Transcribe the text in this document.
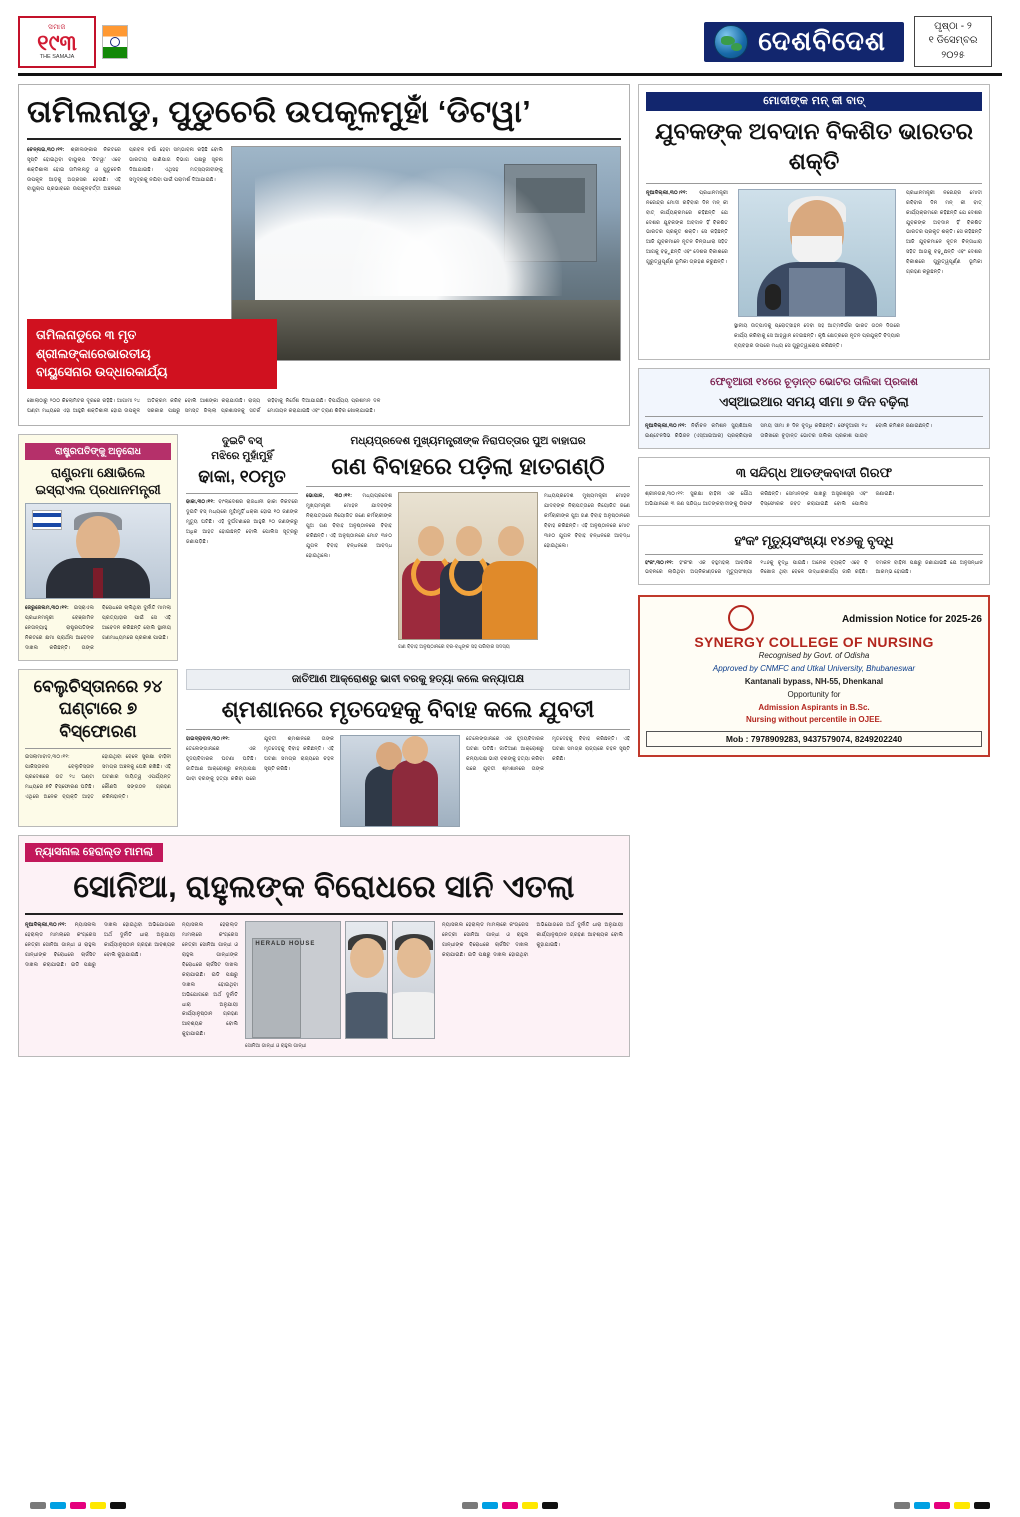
ସମାଜ
୧୯୩
THE SAMAJA
ଦେଶବିଦେଶ	ପୃଷ୍ଠା - ୨
୧ ଡିସେମ୍ବର
୨୦୨୫
ତାମିଲନାଡୁ, ପୁଡୁଚେରି ଉପକୂଳମୁହାଁ ‘ଡିଟୱା’
ଚେନ୍ନାଇ,୩୦।୧୧: ଶ୍ରୀଲଙ୍କାର ନିକଟରେ ସୃଷ୍ଟି ହୋଇଥିବା ବାୟୁଚାପ ‘ଡିଟୱା’ ଏବେ ଶକ୍ତିଶାଳୀ ହୋଇ ତାମିଲନାଡୁ ଓ ପୁଡୁଚେରି ଉପକୂଳ ଆଡ଼କୁ ଅଗ୍ରସର ହେଉଛି। ଏହି ବାୟୁଚାପ ପ୍ରଭାବରେ ଉପକୂଳବର୍ତ୍ତୀ ଅଞ୍ଚଳରେ ପ୍ରବଳ ବର୍ଷା ହେବା ସମ୍ଭାବନା ରହିଛି ବୋଲି ଭାରତୀୟ ପାଣିପାଗ ବିଭାଗ ପକ୍ଷରୁ ସୂଚନା ଦିଆଯାଇଛି। ଏଥିସହ ମତ୍ସ୍ୟଜୀବୀଙ୍କୁ ସମୁଦ୍ରକୁ ନଯିବା ପାଇଁ ପରାମର୍ଶ ଦିଆଯାଇଛି।
ତାମିଲନାଡୁରେ ୩ ମୃତ
ଶ୍ରୀଲଙ୍କାରେଭାରତୀୟ
ବାୟୁସେନାର ଉଦ୍ଧାରକାର୍ଯ୍ୟ
ଖୋଲାଠାରୁ ୨୦୦ କିଲୋମିଟର ଦୂରରେ ରହିଛି। ଆଗାମୀ ୨୪ ଘଣ୍ଟା ମଧ୍ୟରେ ଏହା ଆହୁରି ଶକ୍ତିଶାଳୀ ହୋଇ ଉପକୂଳ ଅତିକ୍ରମ କରିବ ବୋଲି ଆଶଙ୍କା କରାଯାଉଛି। ରାଜ୍ୟ ସରକାର ପକ୍ଷରୁ ସମସ୍ତ ଜିଲ୍ଲା ପ୍ରଶାସନକୁ ସତର୍କ ରହିବାକୁ ନିର୍ଦ୍ଦେଶ ଦିଆଯାଇଛି। ବିପର୍ଯ୍ୟୟ ପ୍ରଶମନ ଦଳ ମୋତାୟନ କରାଯାଇଛି ଏବଂ ତ୍ରାଣ ଶିବିର ଖୋଲାଯାଇଛି।
ରାଷ୍ଟ୍ରପତିଙ୍କୁ ଅନୁରୋଧ
ରାଣ୍ଟ୍ରମା କ୍ଷୋଭିଲେ ଇସ୍ରାଏଲ ପ୍ରଧାନମନ୍ତ୍ରୀ
ଜେରୁଜେଲମ,୩୦।୧୧: ଇସ୍ରାଏଲ ପ୍ରଧାନମନ୍ତ୍ରୀ ବେଞ୍ଜାମିନ ନେତାନ୍ୟାହୁ ରାଷ୍ଟ୍ରପତିଙ୍କ ନିକଟରେ କ୍ଷମା ପ୍ରାର୍ଥନା ଆବେଦନ ଦାଖଲ କରିଛନ୍ତି। ତାଙ୍କ ବିରୋଧରେ ଚାଲିଥିବା ଦୁର୍ନୀତି ମାମଲା ପ୍ରତ୍ୟାହାର ପାଇଁ ସେ ଏହି ଆବେଦନ କରିଛନ୍ତି ବୋଲି ସ୍ଥାନୀୟ ଗଣମାଧ୍ୟମରେ ପ୍ରକାଶ ପାଇଛି।
ଦୁଇଟି ବସ୍‌
ମଝିରେ ମୁହାଁମୁହିଁ
ଢାକା, ୧୦ମୃତ
ଢାକା,୩୦।୧୧: ବାଂଲାଦେଶର ରାଜଧାନୀ ଢାକା ନିକଟରେ ଦୁଇଟି ବସ୍‌ ମଧ୍ୟରେ ମୁହାଁମୁହିଁ ଧକ୍କା ହୋଇ ୧୦ ଜଣଙ୍କ ମୃତ୍ୟୁ ଘଟିଛି। ଏହି ଦୁର୍ଘଟଣାରେ ଆହୁରି ୨୦ ଜଣଙ୍କରୁ ଅଧିକ ଆହତ ହୋଇଛନ୍ତି ବୋଲି ପୋଲିସ ସୂତ୍ରରୁ ଜଣାପଡ଼ିଛି।
ମଧ୍ୟପ୍ରଦେଶ ମୁଖ୍ୟମନ୍ତ୍ରୀଙ୍କ ନିରାପତ୍ତାର ପୁଅ ବାହାଘର
ଗଣ ବିବାହରେ ପଡ଼ିଲା ହାତଗଣ୍ଠି
ଭୋପାଳ, ୩୦।୧୧: ମଧ୍ୟପ୍ରଦେଶ ମୁଖ୍ୟମନ୍ତ୍ରୀ ମୋହନ ଯାଦବଙ୍କ ନିରାପତ୍ତାରେ ନିୟୋଜିତ ଜଣେ କର୍ମଚାରୀଙ୍କ ପୁଅ ଗଣ ବିବାହ ଅନୁଷ୍ଠାନରେ ବିବାହ କରିଛନ୍ତି। ଏହି ଅନୁଷ୍ଠାନରେ ମୋଟ ୩୫୦ ଯୁଗଳ ବିବାହ ବନ୍ଧନରେ ଆବଦ୍ଧ ହୋଇଥିଲେ।
ଗଣ ବିବାହ ଅନୁଷ୍ଠାନରେ ବର-ବଧୂଙ୍କ ସହ ପରିବାର ସଦସ୍ୟ
ମଧ୍ୟପ୍ରଦେଶ ମୁଖ୍ୟମନ୍ତ୍ରୀ ମୋହନ ଯାଦବଙ୍କ ନିରାପତ୍ତାରେ ନିୟୋଜିତ ଜଣେ କର୍ମଚାରୀଙ୍କ ପୁଅ ଗଣ ବିବାହ ଅନୁଷ୍ଠାନରେ ବିବାହ କରିଛନ୍ତି। ଏହି ଅନୁଷ୍ଠାନରେ ମୋଟ ୩୫୦ ଯୁଗଳ ବିବାହ ବନ୍ଧନରେ ଆବଦ୍ଧ ହୋଇଥିଲେ।
ବେଲୁଚିସ୍ତାନରେ ୨୪ ଘଣ୍ଟାରେ ୭ ବିସ୍ଫୋରଣ
ଇସଲାମାବାଦ,୩୦।୧୧: ପାକିସ୍ତାନର ବେଲୁଚିସ୍ତାନ ପ୍ରଦେଶରେ ଗତ ୨୪ ଘଣ୍ଟା ମଧ୍ୟରେ ୭ଟି ବିସ୍ଫୋରଣ ଘଟିଛି। ଏଥିରେ ଅନେକ ବ୍ୟକ୍ତି ଆହତ ହୋଇଥିବା ବେଳେ ସୁରକ୍ଷା ବାହିନୀ ସମଗ୍ର ଅଞ୍ଚଳକୁ ଘେରି ରଖିଛି। ଏହି ଘଟଣାର ଦାୟିତ୍ୱ ଏପର୍ଯ୍ୟନ୍ତ କୌଣସି ସଙ୍ଗଠନ ଗ୍ରହଣ କରିନାହାନ୍ତି।
ଜାତିଆଣ ଆକ୍ରୋଶରୁ ଭାବୀ ବରକୁ ହତ୍ୟା କଲେ କନ୍ୟାପକ୍ଷ
ଶ୍ମଶାନରେ ମୃତଦେହକୁ ବିବାହ କଲେ ଯୁବତୀ
ହାଇଦ୍ରାବାଦ,୩୦।୧୧: ତେଲେଙ୍ଗାନାରେ ଏକ ହୃଦୟବିଦାରକ ଘଟଣା ଘଟିଛି। ଜାତିଆଣ ଆକ୍ରୋଶରୁ କନ୍ୟାପକ୍ଷ ଭାବୀ ବରଙ୍କୁ ହତ୍ୟା କରିବା ପରେ ଯୁବତୀ ଶ୍ମଶାନରେ ତାଙ୍କ ମୃତଦେହକୁ ବିବାହ କରିଛନ୍ତି। ଏହି ଘଟଣା ସମଗ୍ର ରାଜ୍ୟରେ ଚହଳ ସୃଷ୍ଟି କରିଛି।
ତେଲେଙ୍ଗାନାରେ ଏକ ହୃଦୟବିଦାରକ ଘଟଣା ଘଟିଛି। ଜାତିଆଣ ଆକ୍ରୋଶରୁ କନ୍ୟାପକ୍ଷ ଭାବୀ ବରଙ୍କୁ ହତ୍ୟା କରିବା ପରେ ଯୁବତୀ ଶ୍ମଶାନରେ ତାଙ୍କ ମୃତଦେହକୁ ବିବାହ କରିଛନ୍ତି। ଏହି ଘଟଣା ସମଗ୍ର ରାଜ୍ୟରେ ଚହଳ ସୃଷ୍ଟି କରିଛି।
ନ୍ୟାସନାଲ ହେରାଲ୍ଡ ମାମଲା
ସୋନିଆ, ରାହୁଲଙ୍କ ବିରୋଧରେ ସାନି ଏତଲା
ନୂଆଦିଲ୍ଲୀ,୩୦।୧୧: ନ୍ୟାସନାଲ ହେରାଲ୍ଡ ମାମଲାରେ କଂଗ୍ରେସ ନେତ୍ରୀ ସୋନିଆ ଗାନ୍ଧୀ ଓ ରାହୁଲ ଗାନ୍ଧୀଙ୍କ ବିରୋଧରେ ଚାର୍ଜସିଟ ଦାଖଲ କରାଯାଇଛି। ଇଡି ପକ୍ଷରୁ ଦାଖଲ ହୋଇଥିବା ଅଭିଯୋଗରେ ଅର୍ଥ ଦୁର୍ନୀତି ଧାରା ଅନୁଯାୟୀ କାର୍ଯ୍ୟାନୁଷ୍ଠାନ ଗ୍ରହଣ ଆବଶ୍ୟକ ବୋଲି କୁହାଯାଇଛି।
ନ୍ୟାସନାଲ ହେରାଲ୍ଡ ମାମଲାରେ କଂଗ୍ରେସ ନେତ୍ରୀ ସୋନିଆ ଗାନ୍ଧୀ ଓ ରାହୁଲ ଗାନ୍ଧୀଙ୍କ ବିରୋଧରେ ଚାର୍ଜସିଟ ଦାଖଲ କରାଯାଇଛି। ଇଡି ପକ୍ଷରୁ ଦାଖଲ ହୋଇଥିବା ଅଭିଯୋଗରେ ଅର୍ଥ ଦୁର୍ନୀତି ଧାରା ଅନୁଯାୟୀ କାର୍ଯ୍ୟାନୁଷ୍ଠାନ ଗ୍ରହଣ ଆବଶ୍ୟକ ବୋଲି କୁହାଯାଇଛି।
HERALD HOUSE
ସୋନିଆ ଗାନ୍ଧୀ ଓ ରାହୁଲ ଗାନ୍ଧୀ
ନ୍ୟାସନାଲ ହେରାଲ୍ଡ ମାମଲାରେ କଂଗ୍ରେସ ନେତ୍ରୀ ସୋନିଆ ଗାନ୍ଧୀ ଓ ରାହୁଲ ଗାନ୍ଧୀଙ୍କ ବିରୋଧରେ ଚାର୍ଜସିଟ ଦାଖଲ କରାଯାଇଛି। ଇଡି ପକ୍ଷରୁ ଦାଖଲ ହୋଇଥିବା ଅଭିଯୋଗରେ ଅର୍ଥ ଦୁର୍ନୀତି ଧାରା ଅନୁଯାୟୀ କାର୍ଯ୍ୟାନୁଷ୍ଠାନ ଗ୍ରହଣ ଆବଶ୍ୟକ ବୋଲି କୁହାଯାଇଛି।
ମୋଦୀଙ୍କ ମନ୍‌ କୀ ବାତ୍‌
ଯୁବକଙ୍କ ଅବଦାନ ବିକଶିତ ଭାରତର ଶକ୍ତି
ନୂଆଦିଲ୍ଲୀ,୩୦।୧୧: ପ୍ରଧାନମନ୍ତ୍ରୀ ନରେନ୍ଦ୍ର ମୋଦୀ ରବିବାର ଦିନ ମନ୍‌ କୀ ବାତ୍‌ କାର୍ଯ୍ୟକ୍ରମରେ କହିଛନ୍ତି ଯେ ଦେଶର ଯୁବକଙ୍କ ଅବଦାନ ହିଁ ବିକଶିତ ଭାରତର ପ୍ରକୃତ ଶକ୍ତି। ସେ କହିଛନ୍ତି ଆଜି ଯୁବକମାନେ ନୂତନ ଚିନ୍ତାଧାରା ସହିତ ଆଗକୁ ବଢ଼ୁଛନ୍ତି ଏବଂ ଦେଶର ବିକାଶରେ ଗୁରୁତ୍ୱପୂର୍ଣ୍ଣ ଭୂମିକା ଗ୍ରହଣ କରୁଛନ୍ତି।
ସ୍ଥାନୀୟ ଉତ୍ପାଦକୁ ପ୍ରୋତ୍ସାହନ ଦେବା ସହ ଆତ୍ମନିର୍ଭର ଭାରତ ଗଠନ ଦିଗରେ କାର୍ଯ୍ୟ କରିବାକୁ ସେ ଆହ୍ୱାନ ଦେଇଛନ୍ତି। କୃଷି କ୍ଷେତ୍ରରେ ନୂତନ ପ୍ରଯୁକ୍ତି ବିଦ୍ୟାର ବ୍ୟବହାର ଉପରେ ମଧ୍ୟ ସେ ଗୁରୁତ୍ୱାରୋପ କରିଛନ୍ତି।
ପ୍ରଧାନମନ୍ତ୍ରୀ ନରେନ୍ଦ୍ର ମୋଦୀ ରବିବାର ଦିନ ମନ୍‌ କୀ ବାତ୍‌ କାର୍ଯ୍ୟକ୍ରମରେ କହିଛନ୍ତି ଯେ ଦେଶର ଯୁବକଙ୍କ ଅବଦାନ ହିଁ ବିକଶିତ ଭାରତର ପ୍ରକୃତ ଶକ୍ତି। ସେ କହିଛନ୍ତି ଆଜି ଯୁବକମାନେ ନୂତନ ଚିନ୍ତାଧାରା ସହିତ ଆଗକୁ ବଢ଼ୁଛନ୍ତି ଏବଂ ଦେଶର ବିକାଶରେ ଗୁରୁତ୍ୱପୂର୍ଣ୍ଣ ଭୂମିକା ଗ୍ରହଣ କରୁଛନ୍ତି।
ଫେବୃଆରୀ ୧୪ରେ ଚୂଡ଼ାନ୍ତ ଭୋଟର ତାଲିକା ପ୍ରକାଶ
ଏସ୍‌ଆଇଆର ସମୟ ସୀମା ୭ ଦିନ ବଢ଼ିଲା
ନୂଆଦିଲ୍ଲୀ,୩୦।୧୧: ନିର୍ବାଚନ କମିଶନ ସ୍ୟୁଶିଆଲ ଇଣ୍ଟେନସିଭ ରିଭିଜନ (ଏସ୍‌ଆଇଆର) ପ୍ରକ୍ରିୟାର ସମୟ ସୀମା ୭ ଦିନ ବୃଦ୍ଧି କରିଛନ୍ତି। ଫେବୃଆରୀ ୧୪ ତାରିଖରେ ଚୂଡ଼ାନ୍ତ ଭୋଟର ତାଲିକା ପ୍ରକାଶ ପାଇବ ବୋଲି କମିଶନ ଜଣାଇଛନ୍ତି।
୩ ସନ୍ଦିଗ୍ଧ ଆତଙ୍କବାଦୀ ଗିରଫ
ଶ୍ରୀନଗର,୩୦।୧୧: ସୁରକ୍ଷା ବାହିନୀ ଏକ ଯୌଥ ଅଭିଯାନରେ ୩ ଜଣ ସନ୍ଦିଗ୍ଧ ଆତଙ୍କବାଦୀଙ୍କୁ ଗିରଫ କରିଛନ୍ତି। ସେମାନଙ୍କ ପାଖରୁ ଅସ୍ତ୍ରଶସ୍ତ୍ର ଏବଂ ବିସ୍ଫୋରକ ଜବତ କରାଯାଇଛି ବୋଲି ପୋଲିସ ଜଣାଇଛି।
ହଂକଂ ମୃତ୍ୟୁସଂଖ୍ୟା ୧୪୬କୁ ବୃଦ୍ଧି
ହଂକଂ,୩୦।୧୧: ହଂକଂର ଏକ ବହୁମହଲା ଆବାସିକ ଭବନରେ ଲାଗିଥିବା ଅଗ୍ନିକାଣ୍ଡରେ ମୃତ୍ୟୁସଂଖ୍ୟା ୧୪୬କୁ ବୃଦ୍ଧି ପାଇଛି। ଅନେକ ବ୍ୟକ୍ତି ଏବେ ବି ନିଖୋଜ ଥିବା ବେଳେ ଉଦ୍ଧାରକାର୍ଯ୍ୟ ଜାରି ରହିଛି। ଦମକଳ ବାହିନୀ ପକ୍ଷରୁ ଜଣାଯାଇଛି ଯେ ଅନୁସନ୍ଧାନ ଆରମ୍ଭ ହୋଇଛି।
Admission Notice for 2025-26
SYNERGY COLLEGE OF NURSING
Recognised by Govt. of Odisha
Approved by CNMFC and Utkal University, Bhubaneswar
Kantanali bypass, NH-55, Dhenkanal
Opportunity for
Admission Aspirants in B.Sc.
Nursing without percentile in OJEE.
Mob : 7978909283, 9437579074, 8249202240
